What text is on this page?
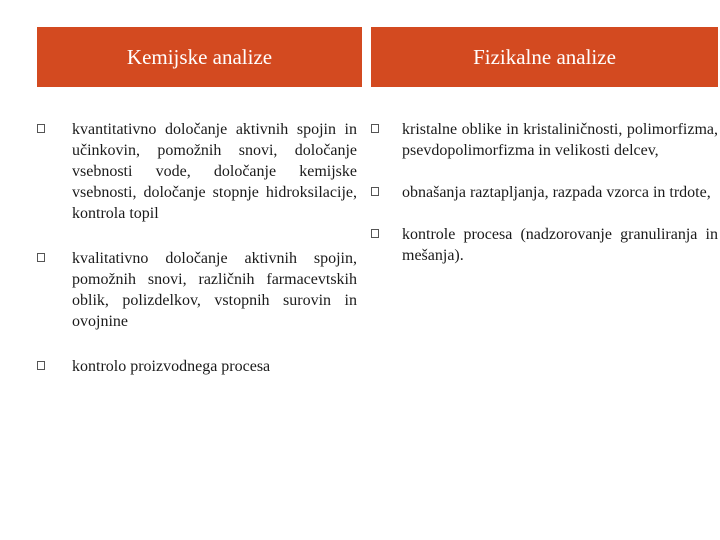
Kemijske analize
kvantitativno določanje aktivnih spojin in učinkovin, pomožnih snovi, določanje vsebnosti vode, določanje kemijske vsebnosti, določanje stopnje hidroksilacije, kontrola topil
kvalitativno določanje aktivnih spojin, pomožnih snovi, različnih farmacevtskih oblik, polizdelkov, vstopnih surovin in ovojnine
kontrolo proizvodnega procesa
Fizikalne analize
kristalne oblike in kristaliničnosti, polimorfizma, psevdopolimorfizma in velikosti delcev,
obnašanja raztapljanja, razpada vzorca in trdote,
kontrole procesa (nadzorovanje granuliranja in mešanja).
